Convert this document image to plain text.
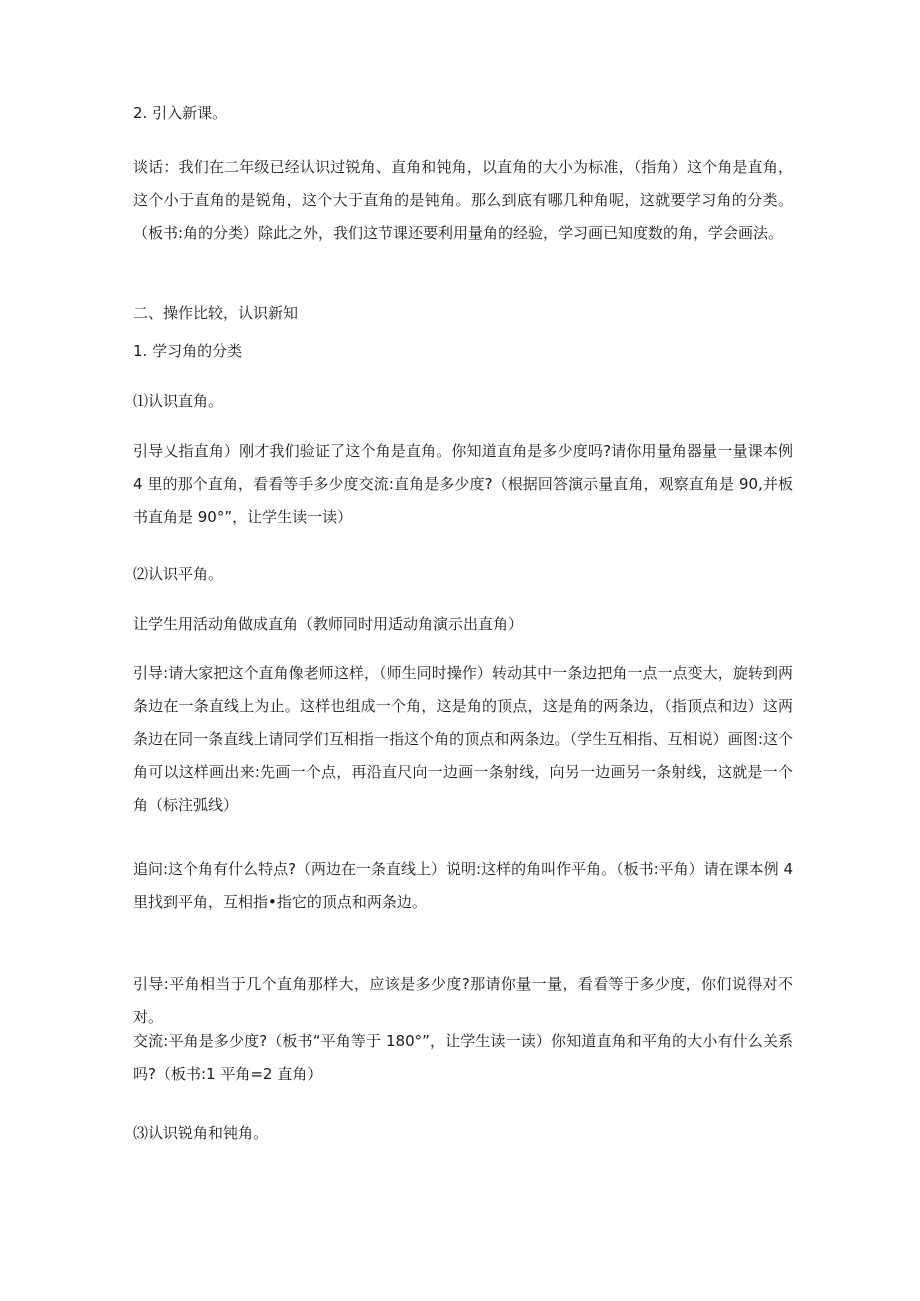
2. 引入新课。

谈话：我们在二年级已经认识过锐角、直角和钝角，以直角的大小为标准，（指角）这个角是直角，这个小于直角的是锐角，这个大于直角的是钝角。那么到底有哪几种角呢，这就要学习角的分类。（板书:角的分类）除此之外，我们这节课还要利用量角的经验，学习画已知度数的角，学会画法。

二、操作比较，认识新知

1. 学习角的分类

⑴认识直角。

引导乂指直角）刚才我们验证了这个角是直角。你知道直角是多少度吗?请你用量角器量一量课本例 4 里的那个直角，看看等手多少度交流:直角是多少度?（根据回答演示量直角，观察直角是 90,并板书直角是 90°”，让学生读一读）

⑵认识平角。

让学生用活动角做成直角（教师同时用适动角演示出直角）

引导:请大家把这个直角像老师这样，（师生同时操作）转动其中一条边把角一点一点变大，旋转到两条边在一条直线上为止。这样也组成一个角，这是角的顶点，这是角的两条边，（指顶点和边）这两条边在同一条直线上请同学们互相指一指这个角的顶点和两条边。（学生互相指、互相说）画图:这个角可以这样画出来:先画一个点，再沿直尺向一边画一条射线，向另一边画另一条射线，这就是一个角（标注弧线）

追问:这个角有什么特点?（两边在一条直线上）说明:这样的角叫作平角。（板书:平角）请在课本例 4 里找到平角，互相指•指它的顶点和两条边。

引导:平角相当于几个直角那样大，应该是多少度?那请你量一量，看看等于多少度，你们说得对不对。

交流:平角是多少度?（板书“平角等于 180°”，让学生读一读）你知道直角和平角的大小有什么关系吗?（板书:1 平角=2 直角）

⑶认识锐角和钝角。
